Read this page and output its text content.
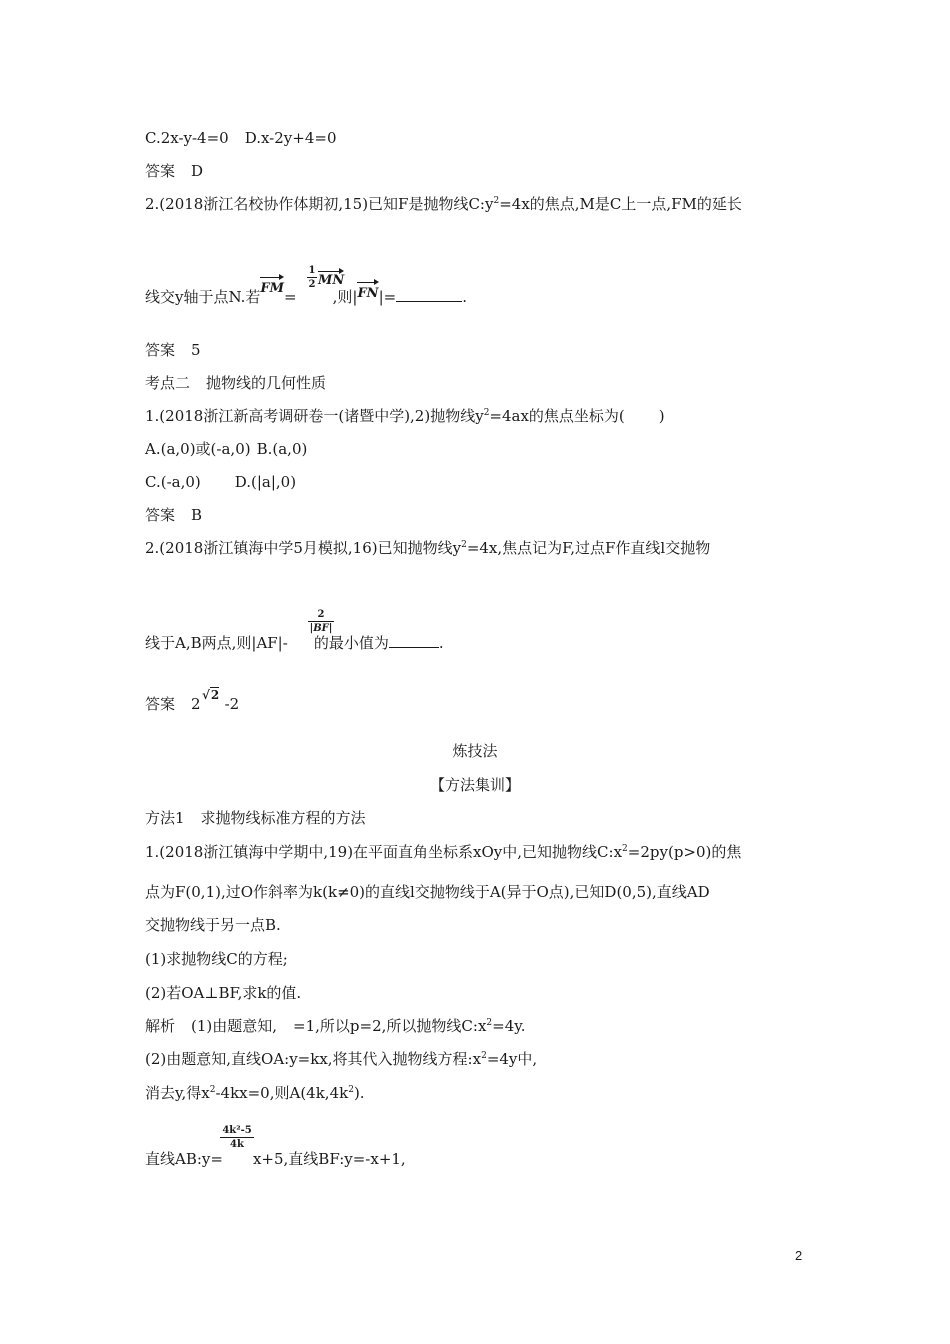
C.2x-y-4=0 D.x-2y+4=0
答案 D
2.(2018浙江名校协作体期初,15)已知F是抛物线$C:y^2=4x$的焦点,M是C上一点,FM的延长
线交y轴于点N.若FM= ,则|FN|=	.
1
2 MN
答案 5
考点二 抛物线的几何性质
1.(2018浙江新高考调研卷一(诸暨中学),2)抛物线$y^2=4ax$的焦点坐标为( )
A.(a,0)或(-a,0) B.(a,0)
C.(-a,0) D.(|a|,0)
答案 B
2.(2018浙江镇海中学5月模拟,16)已知抛物线$y^2=4x$,焦点记为F,过点F作直线l交抛物
线于A,B两点,则|AF|- 的最小值为	.
2
|BF|
答案 2 -2
√2
炼技法
【方法集训】
方法1 求抛物线标准方程的方法
1.(2018浙江镇海中学期中,19)在平面直角坐标系xOy中,已知抛物线$C:x^2=2py(p>0)$的焦
点为F(0,1),过O作斜率为k(k≠0)的直线l交抛物线于A(异于O点),已知D(0,5),直线AD
交抛物线于另一点B.
(1)求抛物线C的方程;
(2)若OA⊥BF,求k的值.
解析 (1)由题意知, =1,所以p=2,所以抛物线$C:x^2=4y$.
(2)由题意知,直线OA:y=kx,将其代入抛物线方程$:x^2=4y$中,
消去y,得$x^2-4kx=0$,则$A(4k,4k^2)$.
直线AB:y= x+5,直线BF:y=-x+1,
4k²-5
4k
2
